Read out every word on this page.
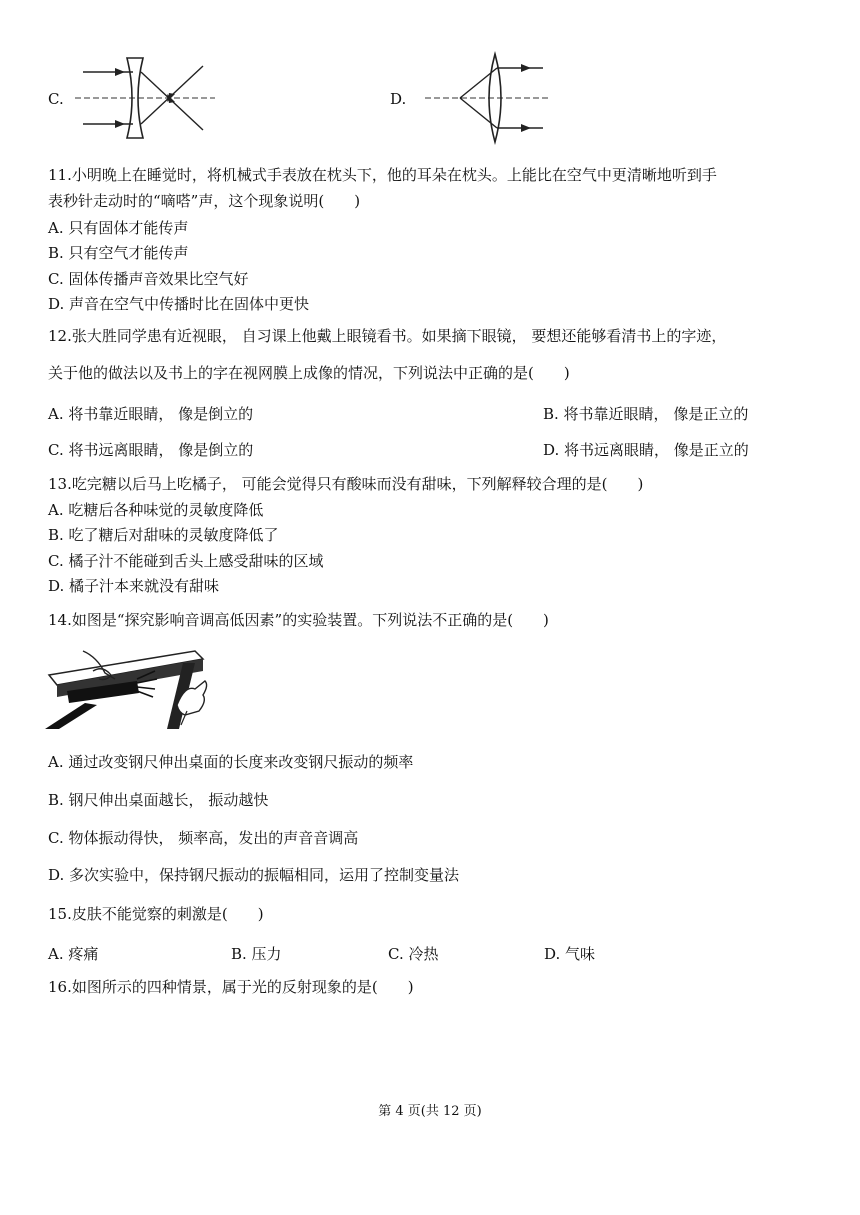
C.	D.
11.小明晚上在睡觉时，将机械式手表放在枕头下，他的耳朵在枕头。上能比在空气中更清晰地听到手
表秒针走动时的“嘀嗒”声，这个现象说明(　　)
A. 只有固体才能传声
B. 只有空气才能传声
C. 固体传播声音效果比空气好
D. 声音在空气中传播时比在固体中更快
12.张大胜同学患有近视眼， 自习课上他戴上眼镜看书。如果摘下眼镜， 要想还能够看清书上的字迹，
关于他的做法以及书上的字在视网膜上成像的情况，下列说法中正确的是(　　)
A. 将书靠近眼睛， 像是倒立的	B. 将书靠近眼睛， 像是正立的
C. 将书远离眼睛， 像是倒立的	D. 将书远离眼睛， 像是正立的
13.吃完糖以后马上吃橘子， 可能会觉得只有酸味而没有甜味，下列解释较合理的是(　　)
A. 吃糖后各种味觉的灵敏度降低
B. 吃了糖后对甜味的灵敏度降低了
C. 橘子汁不能碰到舌头上感受甜味的区域
D. 橘子汁本来就没有甜味
14.如图是“探究影响音调高低因素”的实验装置。下列说法不正确的是(　　)
A. 通过改变钢尺伸出桌面的长度来改变钢尺振动的频率
B. 钢尺伸出桌面越长， 振动越快
C. 物体振动得快， 频率高，发出的声音音调高
D. 多次实验中，保持钢尺振动的振幅相同，运用了控制变量法
15.皮肤不能觉察的刺激是(　　)
A. 疼痛	B. 压力	C. 冷热	D. 气味
16.如图所示的四种情景，属于光的反射现象的是(　　)
第 4 页(共 12 页)
